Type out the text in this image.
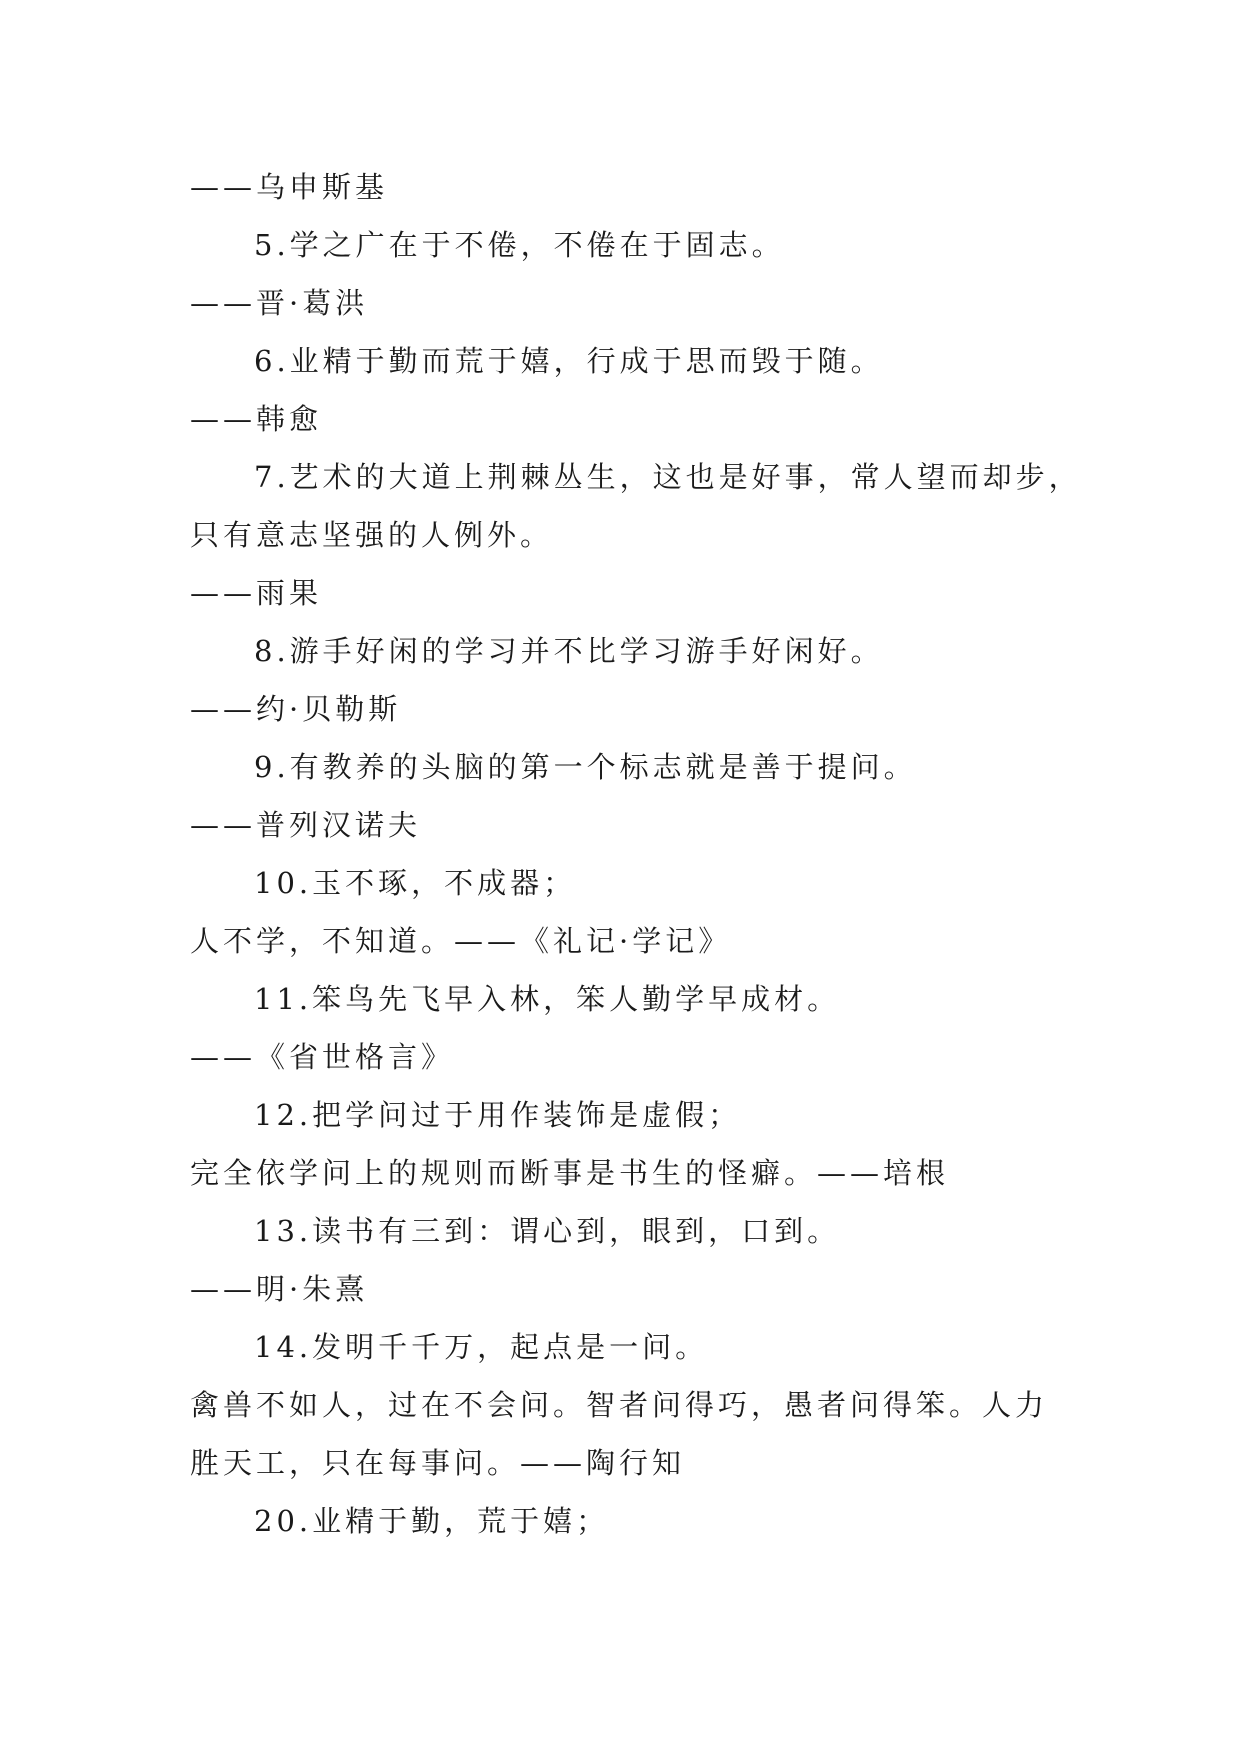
——乌申斯基
5.学之广在于不倦，不倦在于固志。
——晋·葛洪
6.业精于勤而荒于嬉，行成于思而毁于随。
——韩愈
7.艺术的大道上荆棘丛生，这也是好事，常人望而却步，
只有意志坚强的人例外。
——雨果
8.游手好闲的学习并不比学习游手好闲好。
——约·贝勒斯
9.有教养的头脑的第一个标志就是善于提问。
——普列汉诺夫
10.玉不琢，不成器；
人不学，不知道。——《礼记·学记》
11.笨鸟先飞早入林，笨人勤学早成材。
——《省世格言》
12.把学问过于用作装饰是虚假；
完全依学问上的规则而断事是书生的怪癖。——培根
13.读书有三到：谓心到，眼到，口到。
——明·朱熹
14.发明千千万，起点是一问。
禽兽不如人，过在不会问。智者问得巧，愚者问得笨。人力
胜天工，只在每事问。——陶行知
20.业精于勤，荒于嬉；
